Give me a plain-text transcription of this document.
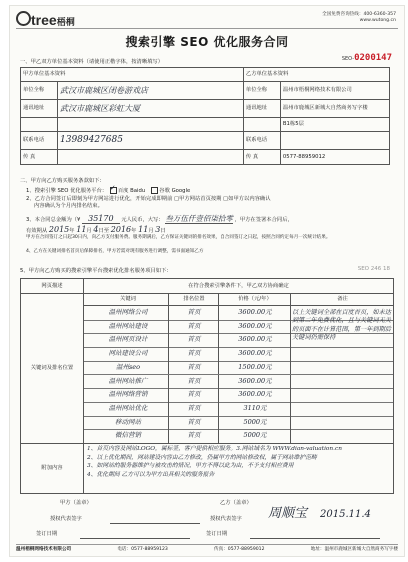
tree梧桐
全国免费咨询热线：400-6360-357
www.wutong.cn
搜索引擎 SEO 优化服务合同
SEO-0200147
一、甲乙双方单位基本资料（请使用正楷字体，按清晰填写）
甲方单位基本资料		乙方单位基本资料	
单位全称	武汉市鹿城区闭卷游戏店	单位全称	温州市梧桐网络技术有限公司
通讯地址	武汉市鹿城区彩虹大厦	通讯地址	温州市鹿城区新城大自然商务写字楼
			B1栋5层
联系电话	13989427685	联系电话	
传 真		传 真	0577-88959012
二、甲方向乙方购买服务条款如下：
1、搜索引擎 SEO 优化服务平台： ✓ 百度 Baidu	谷歌 Google
2、乙方合同签订后即刻为甲方网站进行优化，开始完成即期前 □甲方网站首页按期 □如甲方以内容确认
内容确认为个月内排名结束。
3、本合同总金额为（¥ 35170 元人民币，大写： 叁万伍仟壹佰柒拾零 ，甲方在签署本合同后，
有效期从 2015年 11月 4日至 2016年 11月 3日
甲方在合同签订之日起30日内，向乙方支付服务费。服务期满后，乙方保证关键词的排名效果，自合同签订之日起，按照合同约定每月一次统计结果。
4、乙方在关键词排名首页后保障排名，甲方若需对现有服务进行调整，需书面通知乙方
5、甲方向乙方购买的搜索引擎平台搜索优化排名服务项目如下：	SEO 246 18
网页描述	在符合搜索引擎条件下，甲乙双方协商确定
关键词及排名位置
关键词	排名位置	价格（元/年）	备注
温州网络公司	首页	3600.00元
温州网站建设	首页	3600.00元
温州网页设计	首页	3600.00元
网站建设公司	首页	3600.00元
温州seo	首页	1500.00元
温州网站推广	首页	3600.00元
温州网络营销	首页	3600.00元
温州网站优化	首页	3110元
移动网站	首页	5000元
微信营销	首页	5000元
以上关键词全部在百度首页，如未达到第二年免费优化，且与关键词无关的页面不在计算范围，第一年到期后关键词仍需保持
附加内容
1、首页内容及网站LOGO，属标签，客户提供相应服务。3.网站域名为 WWW.dian-valuation.cn
2、以上优化期间，网站建设内容由乙方修改，仍属甲方的网站修改权，属于网站维护范畴
3、如网站的服务器维护与被攻击的情况，甲方不得以此为由，不予支付相应费用
4、优化期间 乙方可以为甲方出具相关的服务报告
甲方（盖章）	乙方（盖章）
授权代表签字	授权代表签字 周顺宝 2015.11.4
签订日期	签订日期
温州梧桐网络技术有限公司	电话：0577-88959123	传真：0577-88959012	地址：温州市鹿城区新城大自然商务写字楼
